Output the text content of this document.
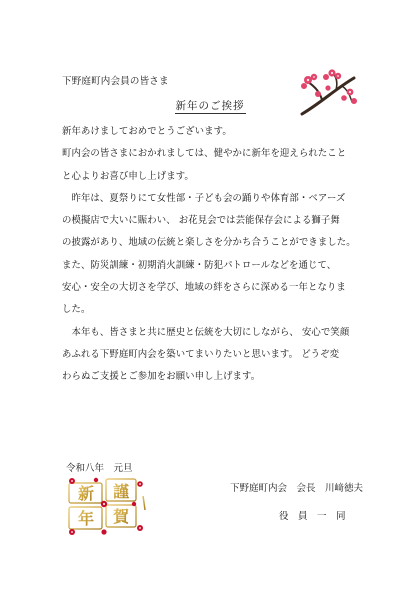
下野庭町内会員の皆さま
新年のご挨拶

新年あけましておめでとうございます。

町内会の皆さまにおかれましては、健やかに新年を迎えられたこと

と心よりお喜び申し上げます。

　昨年は、夏祭りにて女性部・子ども会の踊りや体育部・ベアーズ

の模擬店で大いに賑わい、 お花見会では芸能保存会による獅子舞

の披露があり、地域の伝統と楽しさを分かち合うことができました。

また、防災訓練・初期消火訓練・防犯パトロールなどを通じて、

安心・安全の大切さを学び、地域の絆をさらに深める一年となりま

した。

　本年も、皆さまと共に歴史と伝統を大切にしながら、 安心で笑顔

あふれる下野庭町内会を築いてまいりたいと思います。 どうぞ変

わらぬご支援とご参加をお願い申し上げます。

令和八年　元旦
新 謹
年 賀
下野庭町内会　会長　川﨑徳夫
役　員　一　同
